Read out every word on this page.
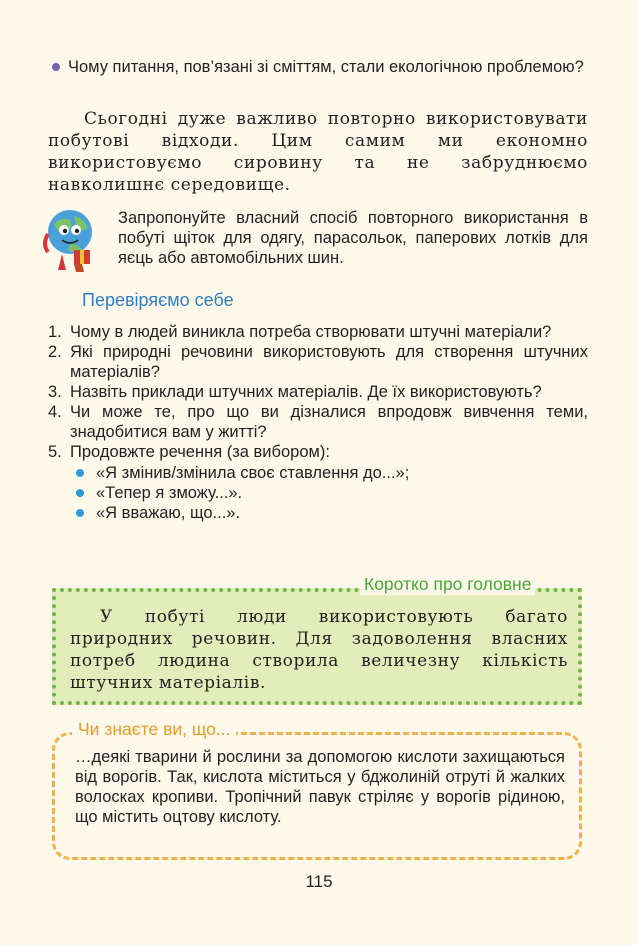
Чому питання, пов’язані зі сміттям, стали екологічною проблемою?
Сьогодні дуже важливо повторно використовувати побутові відходи. Цим самим ми економно використовуємо сировину та не забруднюємо навколишнє середовище.
Запропонуйте власний спосіб повторного використання в побуті щіток для одягу, парасольок, паперових лотків для яєць або автомобільних шин.
Перевіряємо себе
1. Чому в людей виникла потреба створювати штучні матеріали?
2. Які природні речовини використовують для створення штучних матеріалів?
3. Назвіть приклади штучних матеріалів. Де їх використовують?
4. Чи може те, про що ви дізналися впродовж вивчення теми, знадобитися вам у житті?
5. Продовжте речення (за вибором):
«Я змінив/змінила своє ставлення до...»;
«Тепер я зможу...».
«Я вважаю, що...».
Коротко про головне
У побуті люди використовують багато природних речовин. Для задоволення власних потреб людина створила величезну кількість штучних матеріалів.
Чи знаєте ви, що...
…деякі тварини й рослини за допомогою кислоти захищаються від ворогів. Так, кислота міститься у бджолиній отруті й жалких волосках кропиви. Тропічний павук стріляє у ворогів рідиною, що містить оцтову кислоту.
115
